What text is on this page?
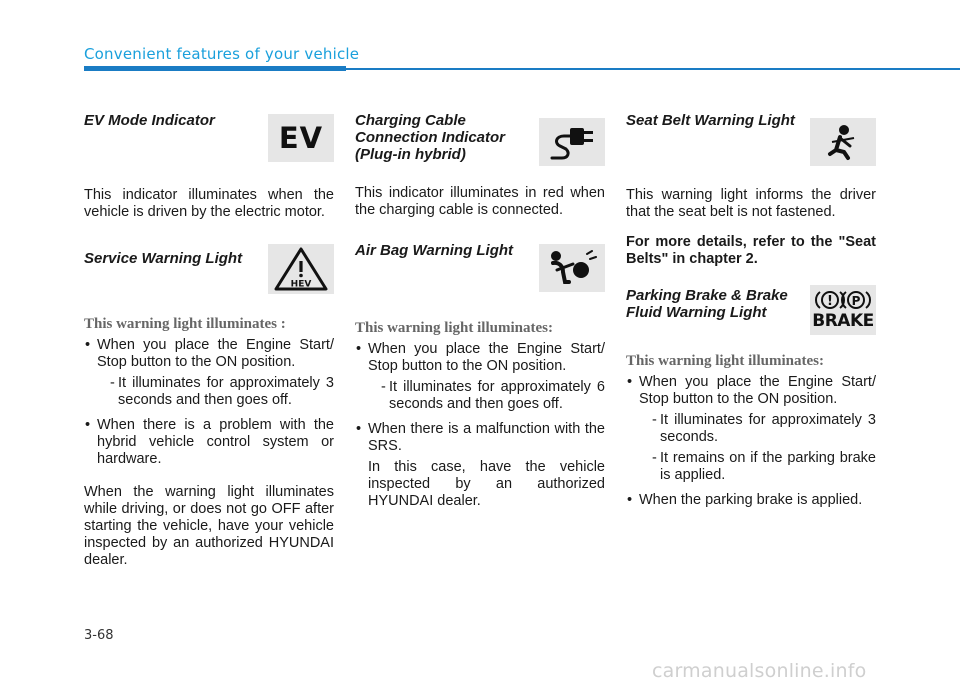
Convenient features of your vehicle

EV Mode Indicator

EV

This indicator illuminates when the vehicle is driven by the electric motor.

Service Warning Light

HEV

This warning light illuminates :

• When you place the Engine Start/ Stop button to the ON position.
- It illuminates for approximately 3 seconds and then goes off.
• When there is a problem with the hybrid vehicle control system or hardware.

When the warning light illuminates while driving, or does not go OFF after starting the vehicle, have your vehicle inspected by an authorized HYUNDAI dealer.

Charging Cable

Connection Indicator

(Plug-in hybrid)

This indicator illuminates in red when the charging cable is connected.

Air Bag Warning Light

This warning light illuminates:

• When you place the Engine Start/ Stop button to the ON position.
- It illuminates for approximately 6 seconds and then goes off.
• When there is a malfunction with the SRS.
In this case, have the vehicle inspected by an authorized HYUNDAI dealer.

Seat Belt Warning Light

This warning light informs the driver that the seat belt is not fastened.

For more details, refer to the "Seat Belts" in chapter 2.

Parking Brake & Brake

Fluid Warning Light

! P
BRAKE

This warning light illuminates:

• When you place the Engine Start/ Stop button to the ON position.
- It illuminates for approximately 3 seconds.
- It remains on if the parking brake is applied.
• When the parking brake is applied.
3-68
carmanualsonline.info
